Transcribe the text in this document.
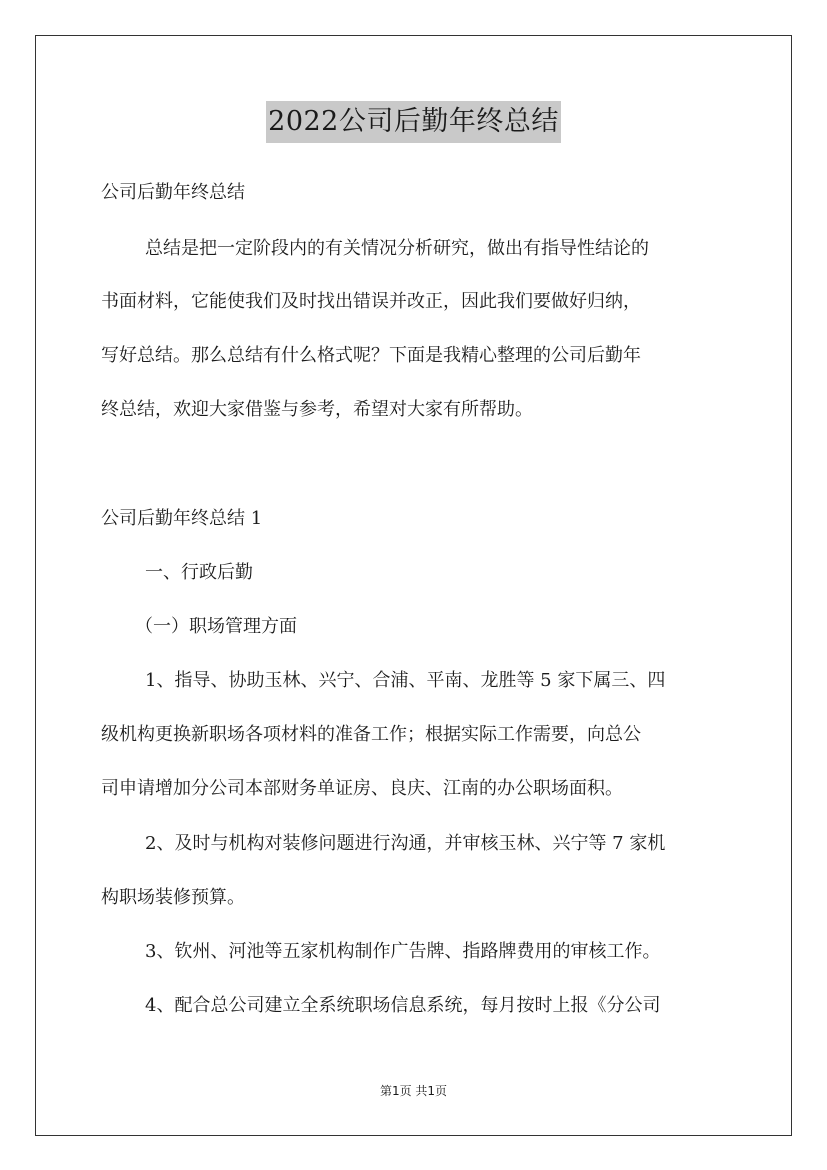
2022公司后勤年终总结
公司后勤年终总结
总结是把一定阶段内的有关情况分析研究，做出有指导性结论的
书面材料，它能使我们及时找出错误并改正，因此我们要做好归纳，
写好总结。那么总结有什么格式呢？下面是我精心整理的公司后勤年
终总结，欢迎大家借鉴与参考，希望对大家有所帮助。
公司后勤年终总结 1
一、行政后勤
（一）职场管理方面
1、指导、协助玉林、兴宁、合浦、平南、龙胜等 5 家下属三、四
级机构更换新职场各项材料的准备工作；根据实际工作需要，向总公
司申请增加分公司本部财务单证房、良庆、江南的办公职场面积。
2、及时与机构对装修问题进行沟通，并审核玉林、兴宁等 7 家机
构职场装修预算。
3、钦州、河池等五家机构制作广告牌、指路牌费用的审核工作。
4、配合总公司建立全系统职场信息系统，每月按时上报《分公司
第1页 共1页
